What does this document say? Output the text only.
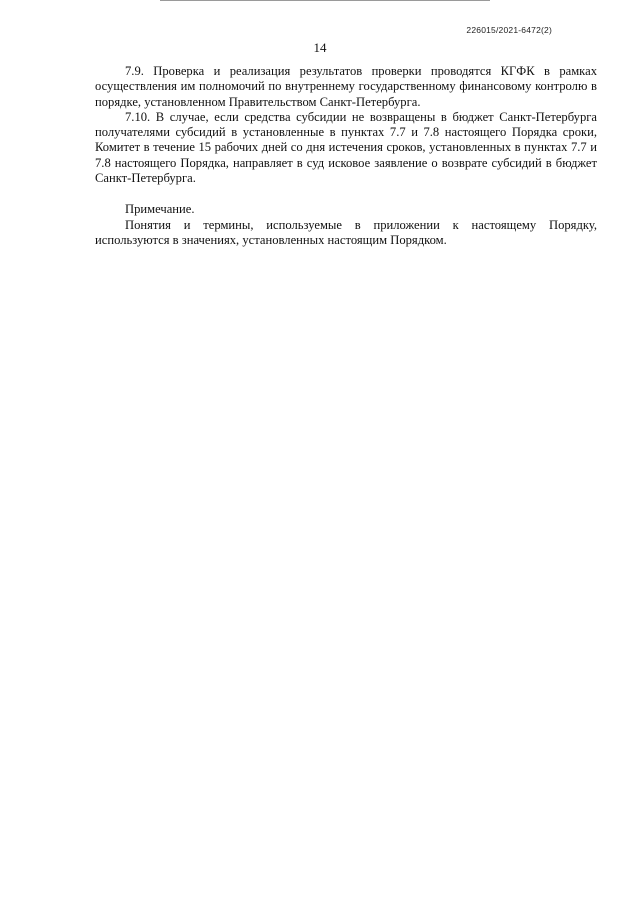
226015/2021-6472(2)
14

7.9. Проверка и реализация результатов проверки проводятся КГФК в рамках осуществления им полномочий по внутреннему государственному финансовому контролю в порядке, установленном Правительством Санкт-Петербурга.

7.10. В случае, если средства субсидии не возвращены в бюджет Санкт-Петербурга получателями субсидий в установленные в пунктах 7.7 и 7.8 настоящего Порядка сроки, Комитет в течение 15 рабочих дней со дня истечения сроков, установленных в пунктах 7.7 и 7.8 настоящего Порядка, направляет в суд исковое заявление о возврате субсидий в бюджет Санкт-Петербурга.

Примечание.

Понятия и термины, используемые в приложении к настоящему Порядку, используются в значениях, установленных настоящим Порядком.
